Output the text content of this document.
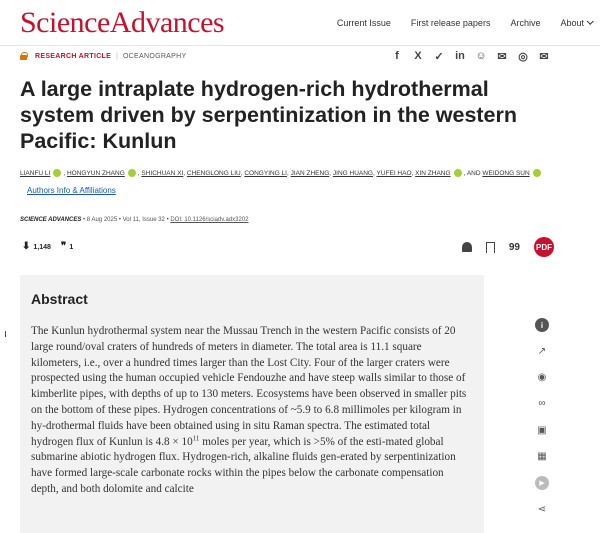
ScienceAdvances	Current Issue First release papers Archive About
RESEARCH ARTICLE | OCEANOGRAPHY	f	X ✓ in ☺ ✉ ◎ ✉
A large intraplate hydrogen-rich hydrothermal system driven by serpentinization in the western Pacific: Kunlun
LIANFU LI , HONGYUN ZHANG , SHICHUAN XI, CHENGLONG LIU, CONGYING LI, JIAN ZHENG, JING HUANG, YUFEI HAO, XIN ZHANG , AND WEIDONG SUN
Authors Info & Affiliations
SCIENCE ADVANCES • 8 Aug 2025 • Vol 11, Issue 32 • DOI: 10.1126/sciadv.adx3202
⬇ 1,148 ❞ 1	99 PDF
Abstract

The Kunlun hydrothermal system near the Mussau Trench in the western Pacific consists of 20 large round/oval craters of hundreds of meters in diameter. The total area is 11.1 square kilometers, i.e., over a hundred times larger than the Lost City. Four of the larger craters were prospected using the human occupied vehicle Fendouzhe and have steep walls similar to those of kimberlite pipes, with depths of up to 130 meters. Ecosystems have been observed in smaller pits on the bottom of these pipes. Hydrogen concentrations of ~5.9 to 6.8 millimoles per kilogram in hy-drothermal fluids have been obtained using in situ Raman spectra. The estimated total hydrogen flux of Kunlun is $4.8 \times 10^{11}$ moles per year, which is >5% of the esti-mated global submarine abiotic hydrogen flux. Hydrogen-rich, alkaline fluids gen-erated by serpentinization have formed large-scale carbonate rocks within the pipes below the carbonate compensation depth, and both dolomite and calcite

i
↗
◉
∞
▣
▦
▶
⋖
